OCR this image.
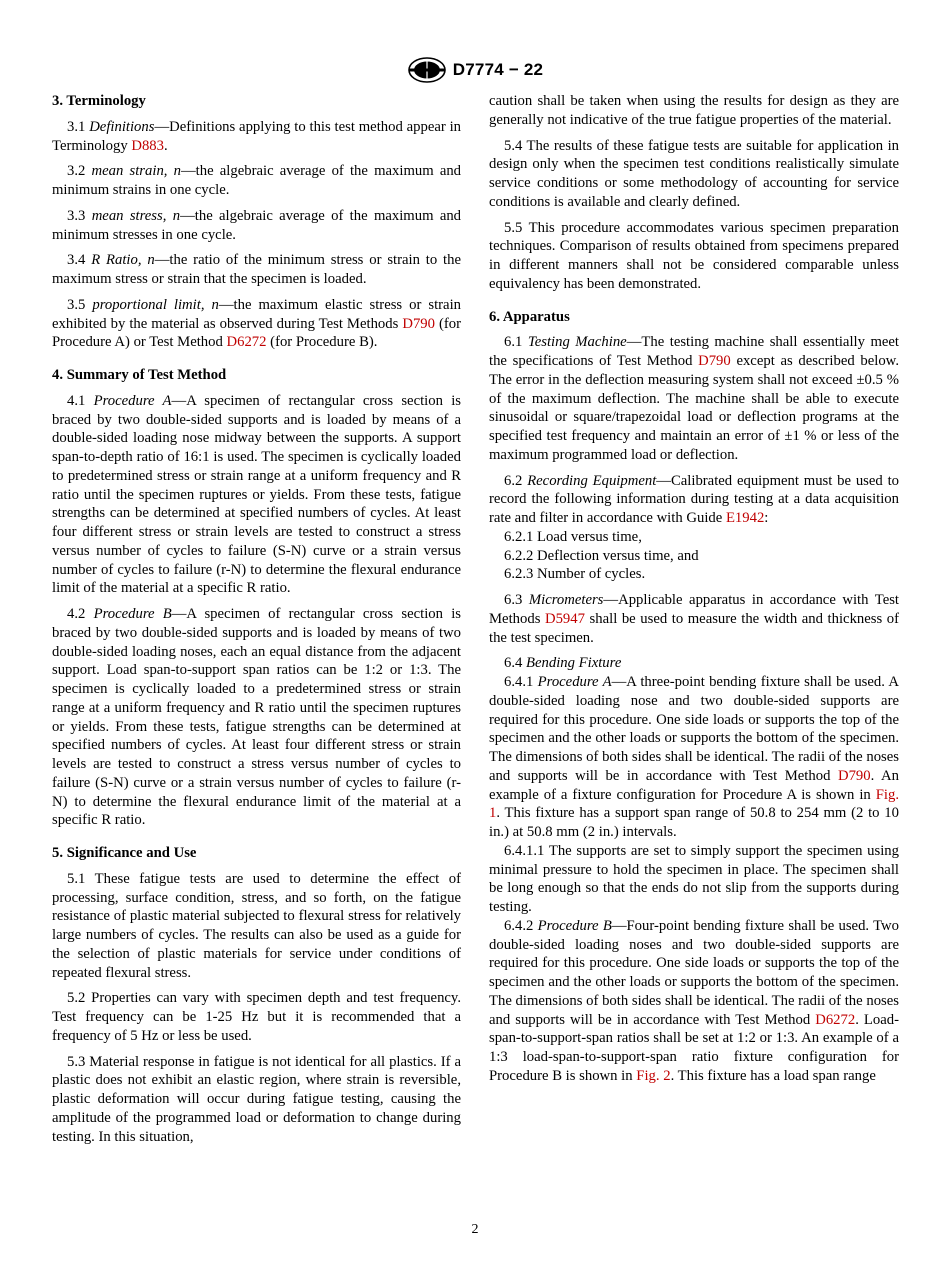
D7774 − 22
3. Terminology

3.1 Definitions—Definitions applying to this test method appear in Terminology D883.

3.2 mean strain, n—the algebraic average of the maximum and minimum strains in one cycle.

3.3 mean stress, n—the algebraic average of the maximum and minimum stresses in one cycle.

3.4 R Ratio, n—the ratio of the minimum stress or strain to the maximum stress or strain that the specimen is loaded.

3.5 proportional limit, n—the maximum elastic stress or strain exhibited by the material as observed during Test Methods D790 (for Procedure A) or Test Method D6272 (for Procedure B).

4. Summary of Test Method

4.1 Procedure A—A specimen of rectangular cross section is braced by two double-sided supports and is loaded by means of a double-sided loading nose midway between the supports. A support span-to-depth ratio of 16:1 is used. The specimen is cyclically loaded to predetermined stress or strain range at a uniform frequency and R ratio until the specimen ruptures or yields. From these tests, fatigue strengths can be determined at specified numbers of cycles. At least four different stress or strain levels are tested to construct a stress versus number of cycles to failure (S-N) curve or a strain versus number of cycles to failure (r-N) to determine the flexural endurance limit of the material at a specific R ratio.

4.2 Procedure B—A specimen of rectangular cross section is braced by two double-sided supports and is loaded by means of two double-sided loading noses, each an equal distance from the adjacent support. Load span-to-support span ratios can be 1:2 or 1:3. The specimen is cyclically loaded to a predetermined stress or strain range at a uniform frequency and R ratio until the specimen ruptures or yields. From these tests, fatigue strengths can be determined at specified numbers of cycles. At least four different stress or strain levels are tested to construct a stress versus number of cycles to failure (S-N) curve or a strain versus number of cycles to failure (r-N) to determine the flexural endurance limit of the material at a specific R ratio.

5. Significance and Use

5.1 These fatigue tests are used to determine the effect of processing, surface condition, stress, and so forth, on the fatigue resistance of plastic material subjected to flexural stress for relatively large numbers of cycles. The results can also be used as a guide for the selection of plastic materials for service under conditions of repeated flexural stress.

5.2 Properties can vary with specimen depth and test frequency. Test frequency can be 1-25 Hz but it is recommended that a frequency of 5 Hz or less be used.

5.3 Material response in fatigue is not identical for all plastics. If a plastic does not exhibit an elastic region, where strain is reversible, plastic deformation will occur during fatigue testing, causing the amplitude of the programmed load or deformation to change during testing. In this situation,

caution shall be taken when using the results for design as they are generally not indicative of the true fatigue properties of the material.

5.4 The results of these fatigue tests are suitable for application in design only when the specimen test conditions realistically simulate service conditions or some methodology of accounting for service conditions is available and clearly defined.

5.5 This procedure accommodates various specimen preparation techniques. Comparison of results obtained from specimens prepared in different manners shall not be considered comparable unless equivalency has been demonstrated.

6. Apparatus

6.1 Testing Machine—The testing machine shall essentially meet the specifications of Test Method D790 except as described below. The error in the deflection measuring system shall not exceed ±0.5 % of the maximum deflection. The machine shall be able to execute sinusoidal or square/trapezoidal load or deflection programs at the specified test frequency and maintain an error of ±1 % or less of the maximum programmed load or deflection.

6.2 Recording Equipment—Calibrated equipment must be used to record the following information during testing at a data acquisition rate and filter in accordance with Guide E1942:

6.2.1 Load versus time,

6.2.2 Deflection versus time, and

6.2.3 Number of cycles.

6.3 Micrometers—Applicable apparatus in accordance with Test Methods D5947 shall be used to measure the width and thickness of the test specimen.

6.4 Bending Fixture

6.4.1 Procedure A—A three-point bending fixture shall be used. A double-sided loading nose and two double-sided supports are required for this procedure. One side loads or supports the top of the specimen and the other loads or supports the bottom of the specimen. The dimensions of both sides shall be identical. The radii of the noses and supports will be in accordance with Test Method D790. An example of a fixture configuration for Procedure A is shown in Fig. 1. This fixture has a support span range of 50.8 to 254 mm (2 to 10 in.) at 50.8 mm (2 in.) intervals.

6.4.1.1 The supports are set to simply support the specimen using minimal pressure to hold the specimen in place. The specimen shall be long enough so that the ends do not slip from the supports during testing.

6.4.2 Procedure B—Four-point bending fixture shall be used. Two double-sided loading noses and two double-sided supports are required for this procedure. One side loads or supports the top of the specimen and the other loads or supports the bottom of the specimen. The dimensions of both sides shall be identical. The radii of the noses and supports will be in accordance with Test Method D6272. Load-span-to-support-span ratios shall be set at 1:2 or 1:3. An example of a 1:3 load-span-to-support-span ratio fixture configuration for Procedure B is shown in Fig. 2. This fixture has a load span range

2
